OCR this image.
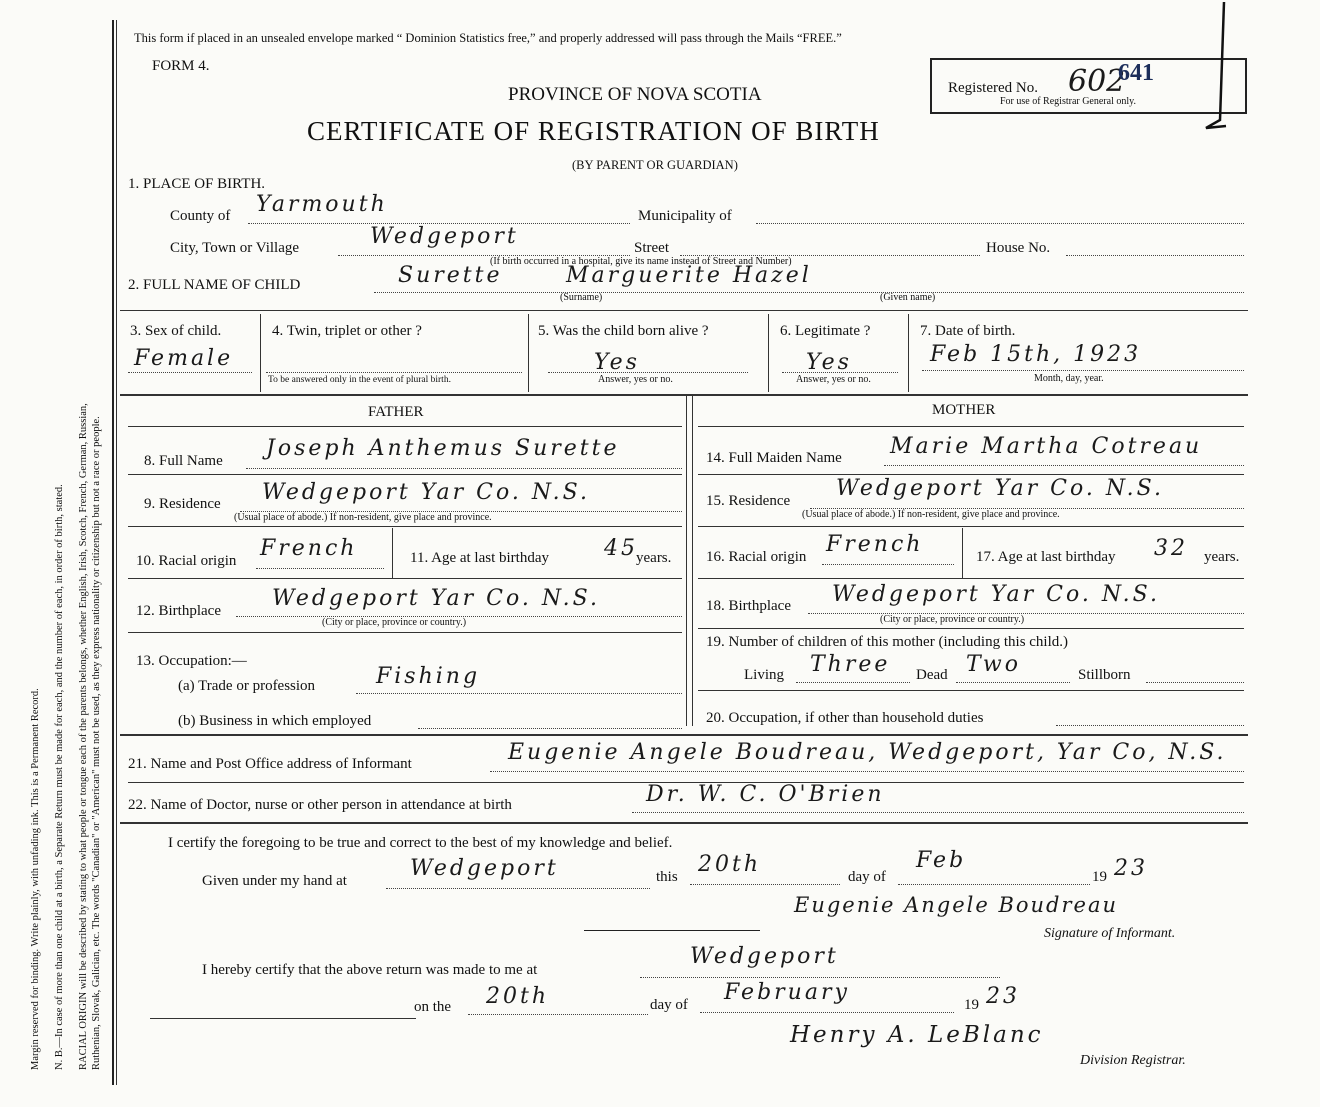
Margin reserved for binding. Write plainly, with unfading ink. This is a Permanent Record. N. B.—In case of more than one child at a birth, a Separate Return must be made for each, and the number of each, in order of birth, stated. RACIAL ORIGIN will be described by stating to what people or tongue each of the parents belongs, whether English, Irish, Scotch, French, German, Russian, Ruthenian, Slovak, Galician, etc. The words "Canadian" or "American" must not be used, as they express nationality or citizenship but not a race or people.
This form if placed in an unsealed envelope marked “ Dominion Statistics free,” and properly addressed will pass through the Mails “FREE.”
FORM 4.
PROVINCE OF NOVA SCOTIA
CERTIFICATE OF REGISTRATION OF BIRTH
(BY PARENT OR GUARDIAN)
Registered No. 602
641
For use of Registrar General only.
1. PLACE OF BIRTH.
County of Yarmouth	Municipality of
City, Town or Village	Wedgeport	Street	House No.
(If birth occurred in a hospital, give its name instead of Street and Number)
2. FULL NAME OF CHILD	Surette	Marguerite Hazel
(Surname)	(Given name)
3. Sex of child.
Female
4. Twin, triplet or other ?
To be answered only in the event of plural birth.
5. Was the child born alive ?
Yes
Answer, yes or no.
6. Legitimate ?
Yes
Answer, yes or no.
7. Date of birth.
Feb 15th, 1923
Month, day, year.
FATHER	MOTHER
8. Full Name Joseph Anthemus Surette
9. Residence Wedgeport Yar Co. N.S.
(Usual place of abode.) If non-resident, give place and province.
10. Racial origin French	11. Age at last birthday	45
years.
12. Birthplace Wedgeport Yar Co. N.S.
(City or place, province or country.)
13. Occupation:—
(a) Trade or profession	Fishing
(b) Business in which employed
14. Full Maiden Name Marie Martha Cotreau
15. Residence Wedgeport Yar Co. N.S.
(Usual place of abode.) If non-resident, give place and province.
16. Racial origin French	17. Age at last birthday 32 years.
18. Birthplace Wedgeport Yar Co. N.S.
(City or place, province or country.)
19. Number of children of this mother (including this child.)
Living Three Dead Two	Stillborn
20. Occupation, if other than household duties
21. Name and Post Office address of Informant	Eugenie Angele Boudreau, Wedgeport, Yar Co, N.S.
22. Name of Doctor, nurse or other person in attendance at birth	Dr. W. C. O'Brien
I certify the foregoing to be true and correct to the best of my knowledge and belief.
Given under my hand at	Wedgeport	this 20th	day of
Feb
19 23
Eugenie Angele Boudreau
Signature of Informant.
I hereby certify that the above return was made to me at
Wedgeport
on the 20th	day of February	19 23
Henry A. LeBlanc
Division Registrar.
